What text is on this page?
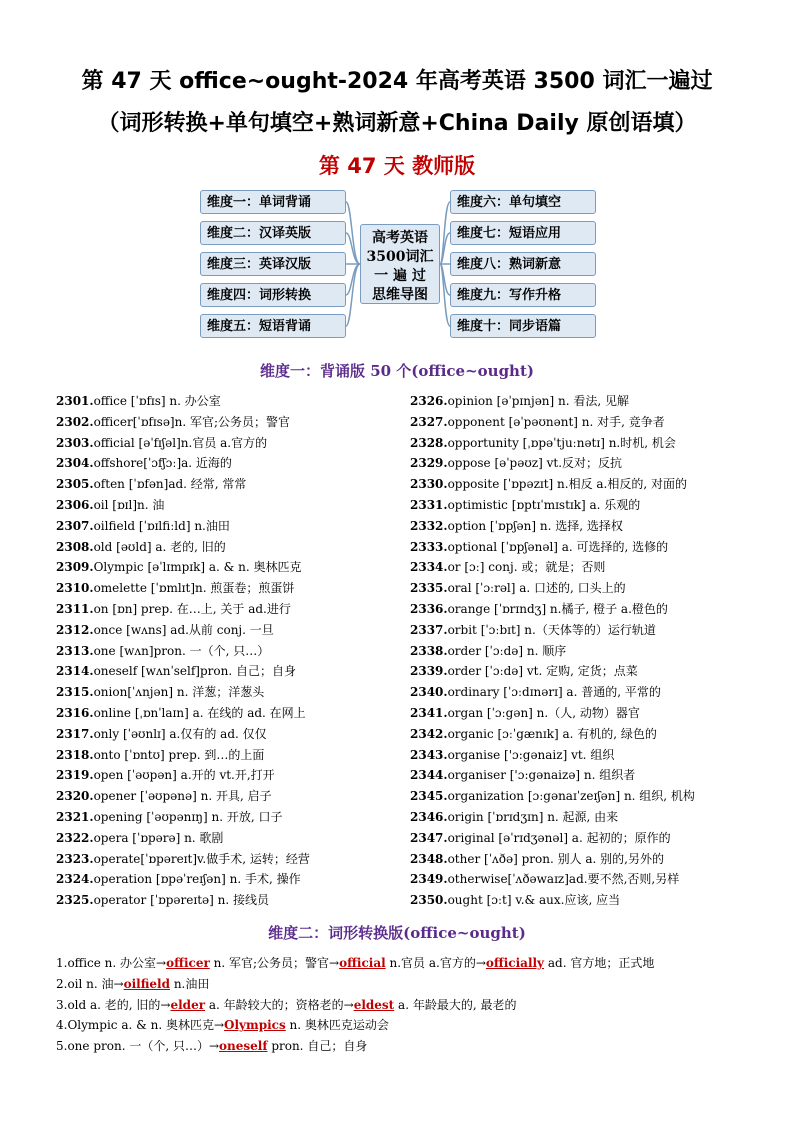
第 47 天 office~ought-2024 年高考英语 3500 词汇一遍过
（词形转换+单句填空+熟词新意+China Daily 原创语填）
第 47 天 教师版
维度一：单词背诵
维度二：汉译英版
维度三：英译汉版
维度四：词形转换
维度五：短语背诵
高考英语
3500词汇
一 遍 过
思维导图
维度六：单句填空
维度七：短语应用
维度八：熟词新意
维度九：写作升格
维度十：同步语篇
维度一：背诵版 50 个(office~ought)
2301.office [ˈɒfɪs] n. 办公室
2302.officer[ˈɒfɪsə]n. 军官;公务员；警官
2303.official [əˈfɪʃəl]n.官员 a.官方的
2304.offshore[ˈɔfʃɔː]a. 近海的
2305.often [ˈɒfən]ad. 经常, 常常
2306.oil [ɒɪl]n. 油
2307.oilfield [ˈɒɪlfiːld] n.油田
2308.old [əʊld] a. 老的, 旧的
2309.Olympic [əˈlɪmpɪk] a. & n. 奥林匹克
2310.omelette [ˈɒmlɪt]n. 煎蛋卷；煎蛋饼
2311.on [ɒn] prep. 在…上, 关于 ad.进行
2312.once [wʌns] ad.从前 conj. 一旦
2313.one [wʌn]pron. 一（个, 只…）
2314.oneself [wʌnˈself]pron. 自己；自身
2315.onion[ˈʌnjən] n. 洋葱；洋葱头
2316.online [ˌɒnˈlaɪn] a. 在线的 ad. 在网上
2317.only [ˈəʊnlɪ] a.仅有的 ad. 仅仅
2318.onto [ˈɒntʊ] prep. 到…的上面
2319.open [ˈəʊpən] a.开的 vt.开,打开
2320.opener [ˈəʊpənə] n. 开具, 启子
2321.opening [ˈəʊpənɪŋ] n. 开放, 口子
2322.opera [ˈɒpərə] n. 歌剧
2323.operate[ˈɒpəreɪt]v.做手术, 运转；经营
2324.operation [ɒpəˈreɪʃən] n. 手术, 操作
2325.operator [ˈɒpəreɪtə] n. 接线员
2326.opinion [əˈpɪnjən] n. 看法, 见解
2327.opponent [əˈpəʊnənt] n. 对手, 竞争者
2328.opportunity [ˌɒpəˈtjuːnətɪ] n.时机, 机会
2329.oppose [əˈpəʊz] vt.反对；反抗
2330.opposite [ˈɒpəzɪt] n.相反 a.相反的, 对面的
2331.optimistic [ɒptɪˈmɪstɪk] a. 乐观的
2332.option [ˈɒpʃən] n. 选择, 选择权
2333.optional [ˈɒpʃənəl] a. 可选择的, 选修的
2334.or [ɔː] conj. 或；就是；否则
2335.oral [ˈɔːrəl] a. 口述的, 口头上的
2336.orange [ˈɒrɪndʒ] n.橘子, 橙子 a.橙色的
2337.orbit [ˈɔːbɪt] n.（天体等的）运行轨道
2338.order [ˈɔːdə] n. 顺序
2339.order [ˈɔːdə] vt. 定购, 定货；点菜
2340.ordinary [ˈɔːdɪnərɪ] a. 普通的, 平常的
2341.organ [ˈɔːgən] n.（人, 动物）器官
2342.organic [ɔːˈgænɪk] a. 有机的, 绿色的
2343.organise ['ɔ:gənaiz] vt. 组织
2344.organiser ['ɔ:gənaizə] n. 组织者
2345.organization [ɔːgənaɪˈzeɪʃən] n. 组织, 机构
2346.origin [ˈɒrɪdʒɪn] n. 起源, 由来
2347.original [əˈrɪdʒənəl] a. 起初的；原作的
2348.other [ˈʌðə] pron. 别人 a. 别的,另外的
2349.otherwise[ˈʌðəwaɪz]ad.要不然,否则,另样
2350.ought [ɔːt] v.& aux.应该, 应当
维度二：词形转换版(office~ought)
1.office n. 办公室→officer n. 军官;公务员；警官→official n.官员 a.官方的→officially ad. 官方地；正式地
2.oil n. 油→oilfield n.油田
3.old a. 老的, 旧的→elder a. 年龄较大的；资格老的→eldest a. 年龄最大的, 最老的
4.Olympic a. & n. 奥林匹克→Olympics n. 奥林匹克运动会
5.one pron. 一（个, 只…）→oneself pron. 自己；自身
